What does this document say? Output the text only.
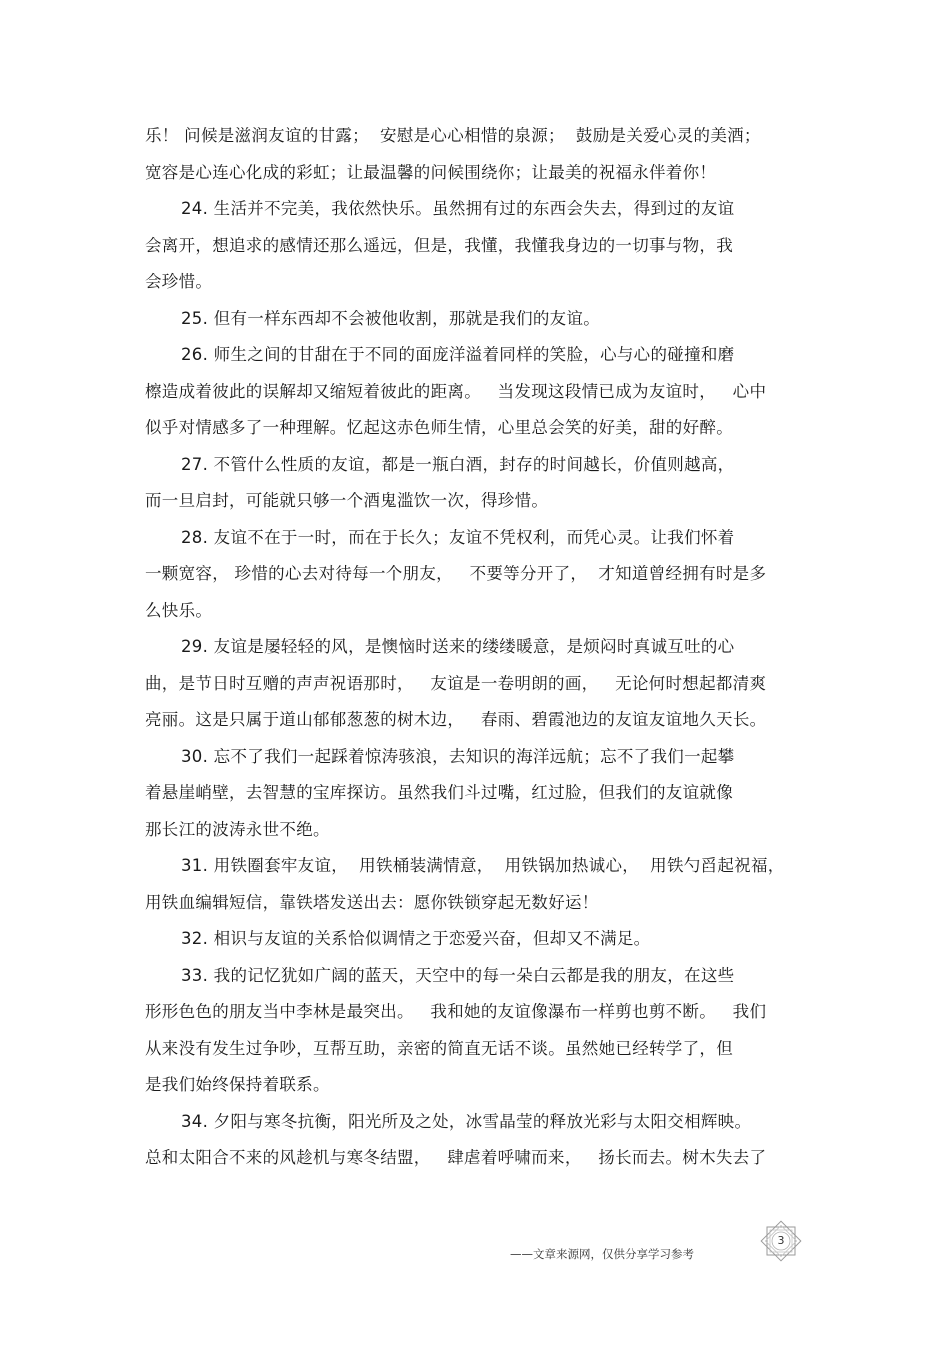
乐！ 问候是滋润友谊的甘露；  安慰是心心相惜的泉源；  鼓励是关爱心灵的美酒；
宽容是心连心化成的彩虹；让最温馨的问候围绕你；让最美的祝福永伴着你！
24. 生活并不完美，我依然快乐。虽然拥有过的东西会失去，得到过的友谊
会离开，想追求的感情还那么遥远，但是，我懂，我懂我身边的一切事与物，我
会珍惜。
25. 但有一样东西却不会被他收割，那就是我们的友谊。
26. 师生之间的甘甜在于不同的面庞洋溢着同样的笑脸，心与心的碰撞和磨
檫造成着彼此的误解却又缩短着彼此的距离。   当发现这段情已成为友谊时，   心中
似乎对情感多了一种理解。忆起这赤色师生情，心里总会笑的好美，甜的好醉。
27. 不管什么性质的友谊，都是一瓶白酒，封存的时间越长，价值则越高，
而一旦启封，可能就只够一个酒鬼滥饮一次，得珍惜。
28. 友谊不在于一时，而在于长久；友谊不凭权利，而凭心灵。让我们怀着
一颗宽容， 珍惜的心去对待每一个朋友，   不要等分开了，  才知道曾经拥有时是多
么快乐。
29. 友谊是屡轻轻的风，是懊恼时送来的缕缕暖意，是烦闷时真诚互吐的心
曲，是节日时互赠的声声祝语那时，   友谊是一卷明朗的画，   无论何时想起都清爽
亮丽。这是只属于道山郁郁葱葱的树木边，   春雨、碧霞池边的友谊友谊地久天长。
30. 忘不了我们一起踩着惊涛骇浪，去知识的海洋远航；忘不了我们一起攀
着悬崖峭壁，去智慧的宝库探访。虽然我们斗过嘴，红过脸，但我们的友谊就像
那长江的波涛永世不绝。
31. 用铁圈套牢友谊，  用铁桶装满情意，  用铁锅加热诚心，  用铁勺舀起祝福，
用铁血编辑短信，靠铁塔发送出去：愿你铁锁穿起无数好运！
32. 相识与友谊的关系恰似调情之于恋爱兴奋，但却又不满足。
33. 我的记忆犹如广阔的蓝天，天空中的每一朵白云都是我的朋友，在这些
形形色色的朋友当中李林是最突出。   我和她的友谊像瀑布一样剪也剪不断。   我们
从来没有发生过争吵，互帮互助，亲密的简直无话不谈。虽然她已经转学了，但
是我们始终保持着联系。
34. 夕阳与寒冬抗衡，阳光所及之处，冰雪晶莹的释放光彩与太阳交相辉映。
总和太阳合不来的风趁机与寒冬结盟，   肆虐着呼啸而来，   扬长而去。树木失去了
——文章来源网，仅供分享学习参考
3
